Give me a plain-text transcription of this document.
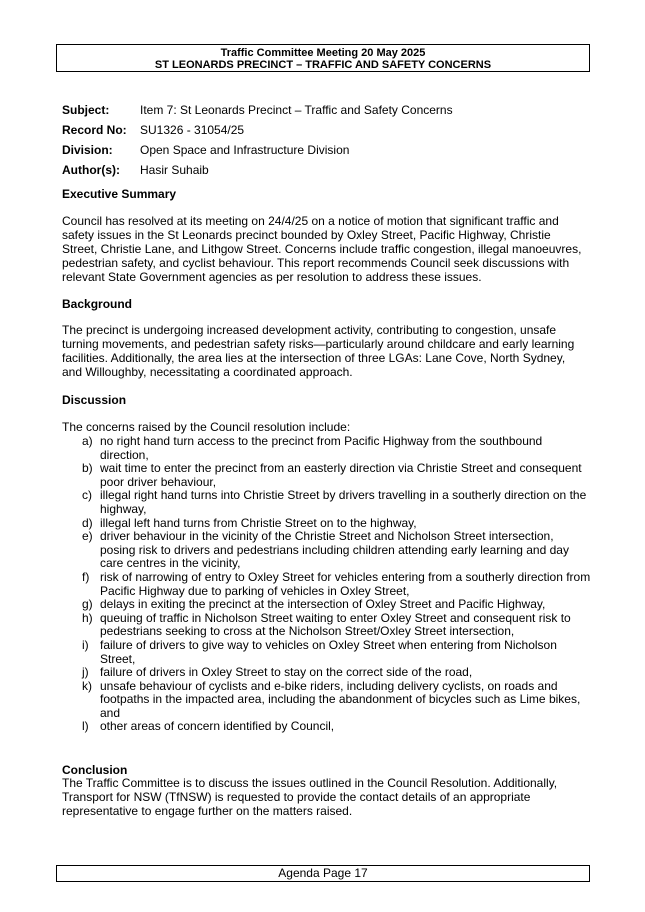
Traffic Committee Meeting 20 May 2025
ST LEONARDS PRECINCT – TRAFFIC AND SAFETY CONCERNS
Subject:	Item 7: St Leonards Precinct – Traffic and Safety Concerns
Record No:	SU1326 - 31054/25
Division:	Open Space and Infrastructure Division
Author(s):	Hasir Suhaib
Executive Summary
Council has resolved at its meeting on 24/4/25 on a notice of motion that significant traffic and safety issues in the St Leonards precinct bounded by Oxley Street, Pacific Highway, Christie Street, Christie Lane, and Lithgow Street. Concerns include traffic congestion, illegal manoeuvres, pedestrian safety, and cyclist behaviour. This report recommends Council seek discussions with relevant State Government agencies as per resolution to address these issues.
Background
The precinct is undergoing increased development activity, contributing to congestion, unsafe turning movements, and pedestrian safety risks—particularly around childcare and early learning facilities. Additionally, the area lies at the intersection of three LGAs: Lane Cove, North Sydney, and Willoughby, necessitating a coordinated approach.
Discussion
The concerns raised by the Council resolution include:
a) no right hand turn access to the precinct from Pacific Highway from the southbound direction,
b) wait time to enter the precinct from an easterly direction via Christie Street and consequent poor driver behaviour,
c) illegal right hand turns into Christie Street by drivers travelling in a southerly direction on the highway,
d) illegal left hand turns from Christie Street on to the highway,
e) driver behaviour in the vicinity of the Christie Street and Nicholson Street intersection, posing risk to drivers and pedestrians including children attending early learning and day care centres in the vicinity,
f) risk of narrowing of entry to Oxley Street for vehicles entering from a southerly direction from Pacific Highway due to parking of vehicles in Oxley Street,
g) delays in exiting the precinct at the intersection of Oxley Street and Pacific Highway,
h) queuing of traffic in Nicholson Street waiting to enter Oxley Street and consequent risk to pedestrians seeking to cross at the Nicholson Street/Oxley Street intersection,
i) failure of drivers to give way to vehicles on Oxley Street when entering from Nicholson Street,
j) failure of drivers in Oxley Street to stay on the correct side of the road,
k) unsafe behaviour of cyclists and e-bike riders, including delivery cyclists, on roads and footpaths in the impacted area, including the abandonment of bicycles such as Lime bikes, and
l) other areas of concern identified by Council,
Conclusion
The Traffic Committee is to discuss the issues outlined in the Council Resolution. Additionally, Transport for NSW (TfNSW) is requested to provide the contact details of an appropriate representative to engage further on the matters raised.
Agenda Page 17
